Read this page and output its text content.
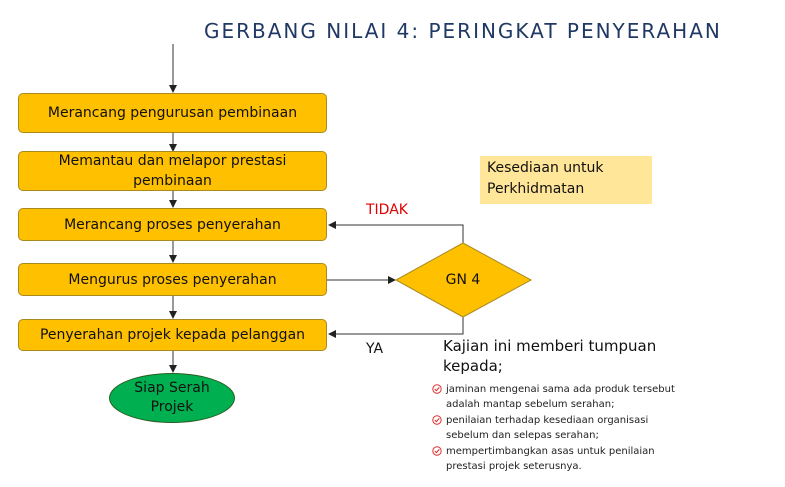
GERBANG NILAI 4: PERINGKAT PENYERAHAN
Merancang pengurusan pembinaan
Memantau dan melapor prestasi pembinaan
Merancang proses penyerahan
Mengurus proses penyerahan
Penyerahan projek kepada pelanggan
Kesediaan untuk Perkhidmatan
GN 4
TIDAK
YA
Siap Serah
Projek
Kajian ini memberi tumpuan kepada;
jaminan mengenai sama ada produk tersebut adalah mantap sebelum serahan;
penilaian terhadap kesediaan organisasi sebelum dan selepas serahan;
mempertimbangkan asas untuk penilaian prestasi projek seterusnya.
